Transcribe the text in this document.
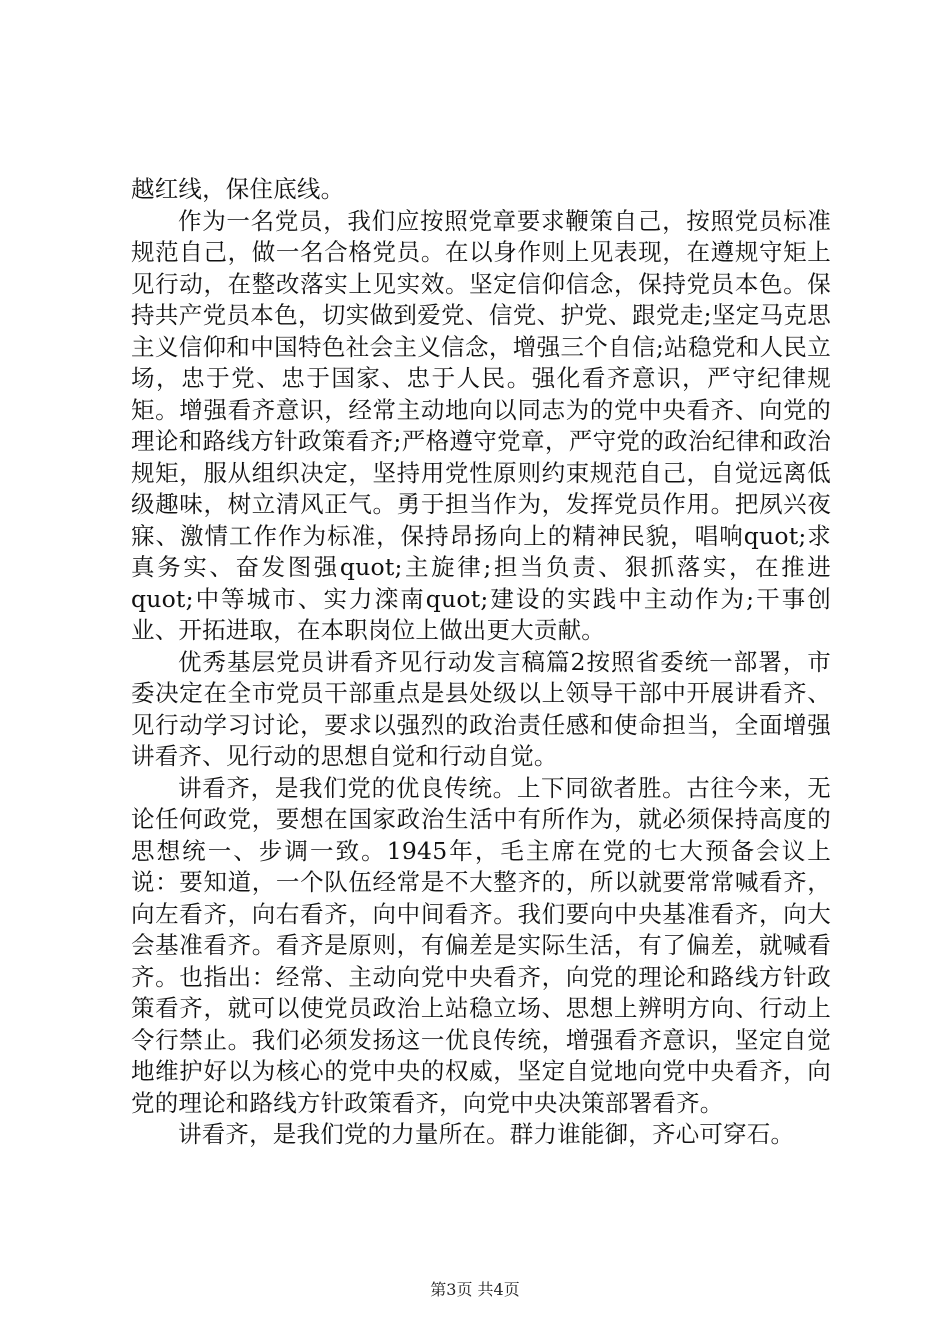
越红线，保住底线。

作为一名党员，我们应按照党章要求鞭策自己，按照党员标准规范自己，做一名合格党员。在以身作则上见表现，在遵规守矩上见行动，在整改落实上见实效。坚定信仰信念，保持党员本色。保持共产党员本色，切实做到爱党、信党、护党、跟党走;坚定马克思主义信仰和中国特色社会主义信念，增强三个自信;站稳党和人民立场，忠于党、忠于国家、忠于人民。强化看齐意识，严守纪律规矩。增强看齐意识，经常主动地向以同志为的党中央看齐、向党的理论和路线方针政策看齐;严格遵守党章，严守党的政治纪律和政治规矩，服从组织决定，坚持用党性原则约束规范自己，自觉远离低级趣味，树立清风正气。勇于担当作为，发挥党员作用。把夙兴夜寐、激情工作作为标准，保持昂扬向上的精神民貌，唱响quot;求真务实、奋发图强quot;主旋律;担当负责、狠抓落实，在推进quot;中等城市、实力滦南quot;建设的实践中主动作为;干事创业、开拓进取，在本职岗位上做出更大贡献。

优秀基层党员讲看齐见行动发言稿篇2按照省委统一部署，市委决定在全市党员干部重点是县处级以上领导干部中开展讲看齐、见行动学习讨论，要求以强烈的政治责任感和使命担当，全面增强讲看齐、见行动的思想自觉和行动自觉。

讲看齐，是我们党的优良传统。上下同欲者胜。古往今来，无论任何政党，要想在国家政治生活中有所作为，就必须保持高度的思想统一、步调一致。1945年，毛主席在党的七大预备会议上说：要知道，一个队伍经常是不大整齐的，所以就要常常喊看齐，向左看齐，向右看齐，向中间看齐。我们要向中央基准看齐，向大会基准看齐。看齐是原则，有偏差是实际生活，有了偏差，就喊看齐。也指出：经常、主动向党中央看齐，向党的理论和路线方针政策看齐，就可以使党员政治上站稳立场、思想上辨明方向、行动上令行禁止。我们必须发扬这一优良传统，增强看齐意识，坚定自觉地维护好以为核心的党中央的权威，坚定自觉地向党中央看齐，向党的理论和路线方针政策看齐，向党中央决策部署看齐。

讲看齐，是我们党的力量所在。群力谁能御，齐心可穿石。

第3页 共4页
